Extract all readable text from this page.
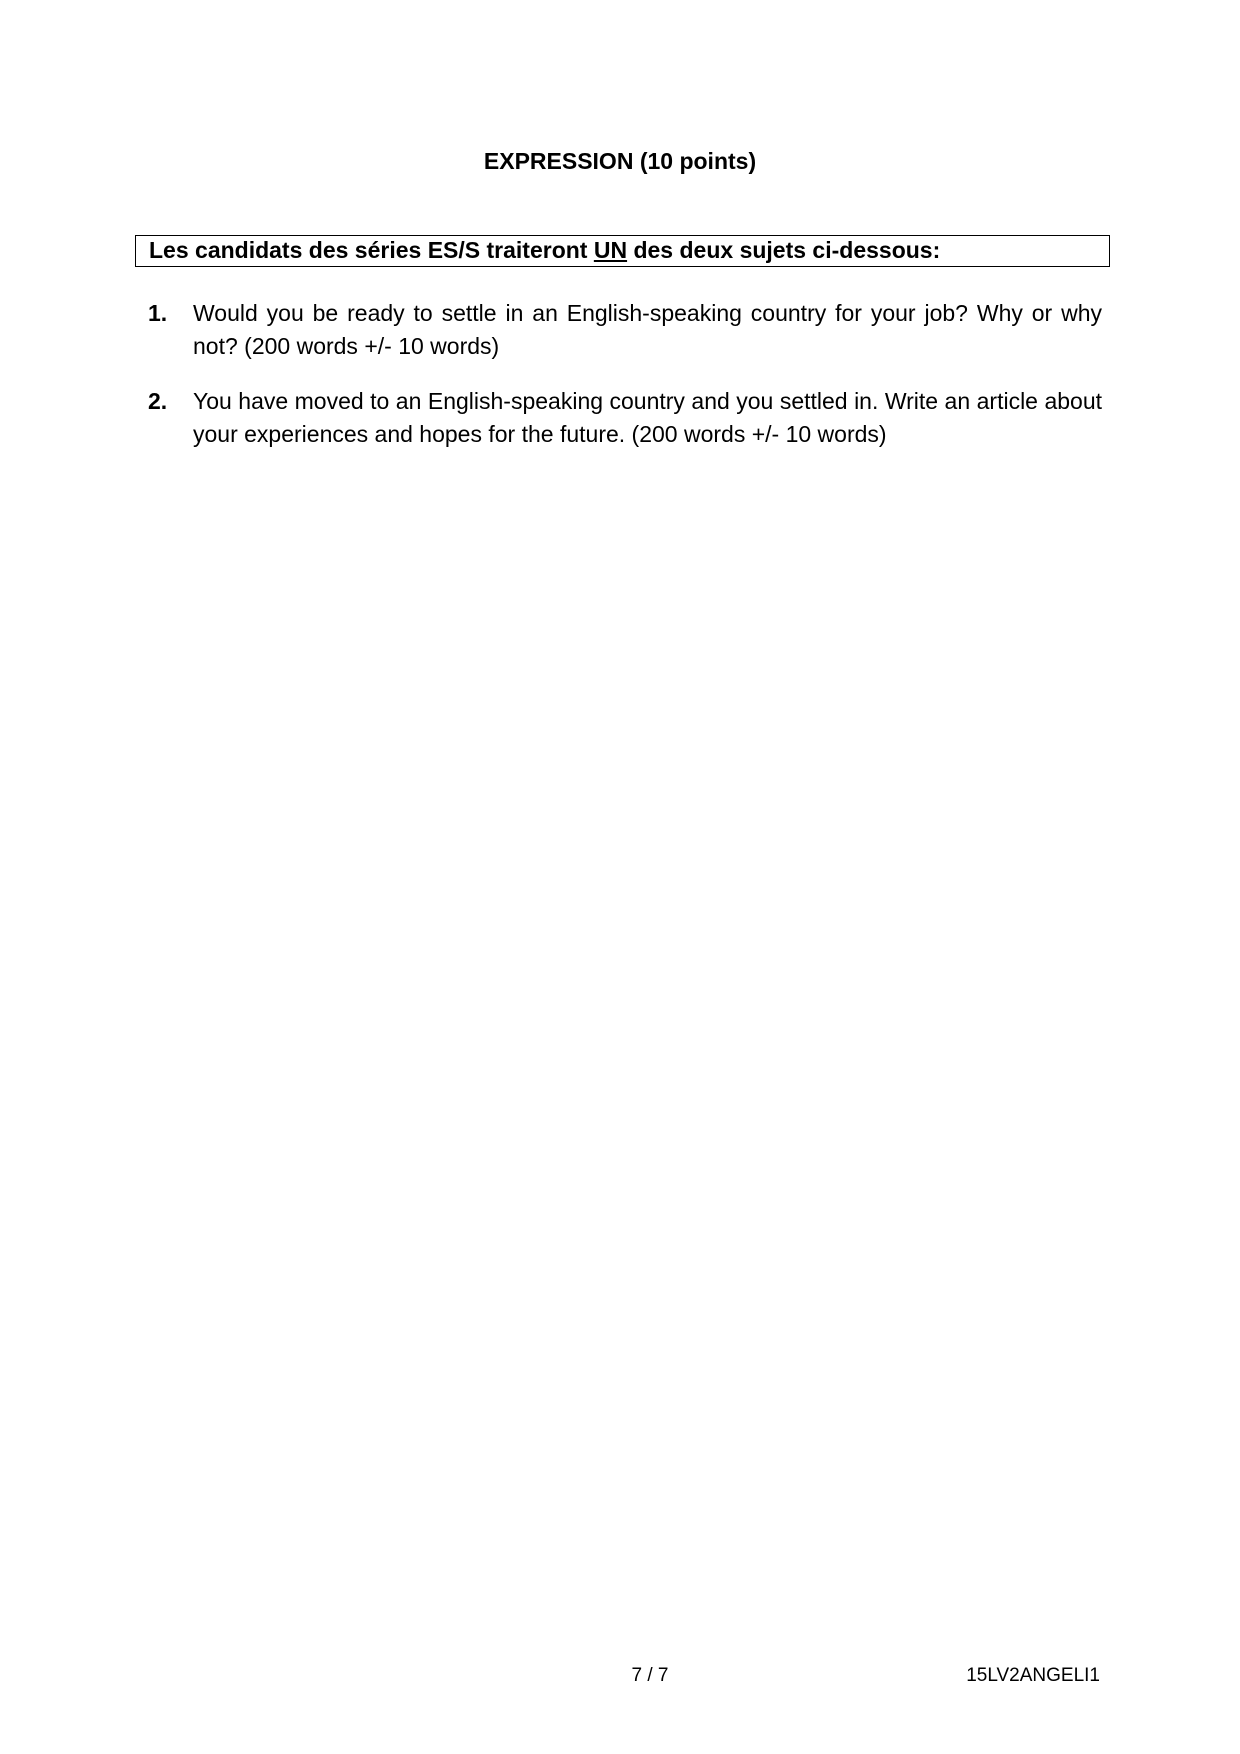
EXPRESSION (10 points)
Les candidats des séries ES/S traiteront UN des deux sujets ci-dessous:
1. Would you be ready to settle in an English-speaking country for your job? Why or why not? (200 words +/- 10 words)
2. You have moved to an English-speaking country and you settled in. Write an article about your experiences and hopes for the future. (200 words +/- 10 words)
7 / 7	15LV2ANGELI1
